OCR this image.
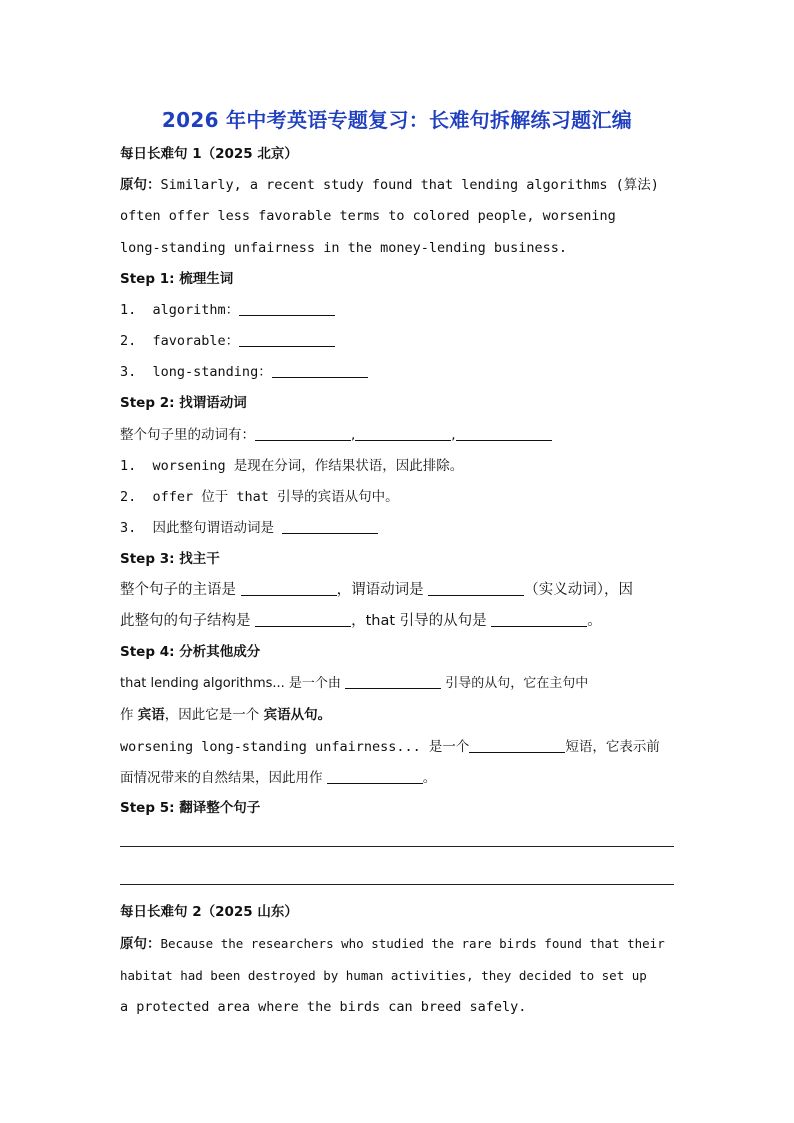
2026 年中考英语专题复习：长难句拆解练习题汇编
每日长难句 1（2025 北京）
原句：Similarly, a recent study found that lending algorithms (算法)
often offer less favorable terms to colored people, worsening
long-standing unfairness in the money-lending business.
Step 1: 梳理生词
1. algorithm：
2. favorable：
3. long-standing：
Step 2: 找谓语动词
整个句子里的动词有：	,	,
1. worsening 是现在分词，作结果状语，因此排除。
2. offer 位于 that 引导的宾语从句中。
3. 因此整句谓语动词是
Step 3: 找主干
整个句子的主语是	，谓语动词是	（实义动词），因
此整句的句子结构是	，that 引导的从句是	。
Step 4: 分析其他成分
that lending algorithms... 是一个由	引导的从句，它在主句中
作 宾语，因此它是一个 宾语从句。
worsening long-standing unfairness... 是一个	短语，它表示前
面情况带来的自然结果，因此用作	。
Step 5: 翻译整个句子
每日长难句 2（2025 山东）
原句：Because the researchers who studied the rare birds found that their
habitat had been destroyed by human activities, they decided to set up
a protected area where the birds can breed safely.
